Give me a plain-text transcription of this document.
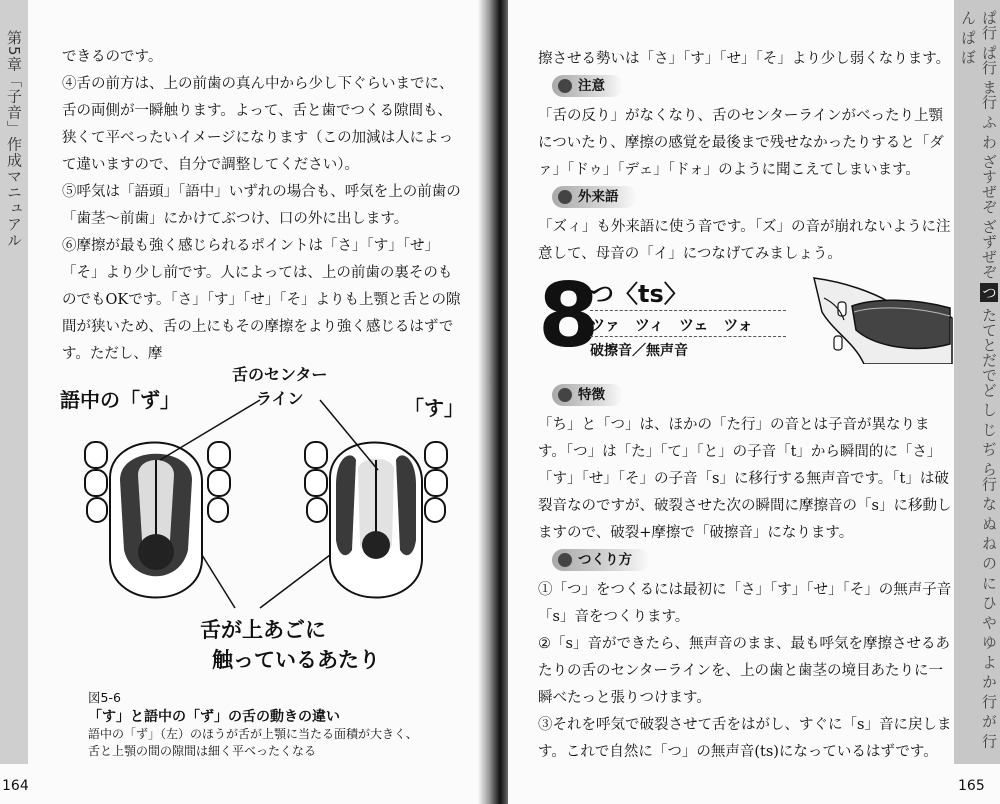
第5章「子音」作成マニュアル	できるのです。
④舌の前方は、上の前歯の真ん中から少し下ぐらいまでに、舌の両側が一瞬触ります。よって、舌と歯でつくる隙間も、狭くて平べったいイメージになります（この加減は人によって違いますので、自分で調整してください）。
⑤呼気は「語頭」「語中」いずれの場合も、呼気を上の前歯の「歯茎～前歯」にかけてぶつけ、口の外に出します。
⑥摩擦が最も強く感じられるポイントは「さ」「す」「せ」「そ」より少し前です。人によっては、上の前歯の裏そのものでもOKです。「さ」「す」「せ」「そ」よりも上顎と舌との隙間が狭いため、舌の上にもその摩擦をより強く感じるはずです。ただし、摩
語中の「ず」
舌のセンター
ライン	「す」
舌が上あごに
触っているあたり
図5-6
「す」と語中の「ず」の舌の動きの違い
語中の「ず」（左）のほうが舌が上顎に当たる面積が大きく、
舌と上顎の間の隙間は細く平べったくなる
164
ぱ行 ぱ行 ま行 ふ わ ざすぜぞ ざずぜぞ つ たてとだでど し じ ぢ ら行 な ぬ ね の に ひ や ゆ よ か 行 が 行 ん ぱ ぼ
擦させる勢いは「さ」「す」「せ」「そ」より少し弱くなります。
注意
「舌の反り」がなくなり、舌のセンターラインがべったり上顎についたり、摩擦の感覚を最後まで残せなかったりすると「ダァ」「ドゥ」「デェ」「ドォ」のように聞こえてしまいます。
外来語
「ズィ」も外来語に使う音です。「ズ」の音が崩れないように注意して、母音の「イ」につなげてみましょう。
8
つ〈ts〉
ツァ　ツィ　ツェ　ツォ
破擦音／無声音
特徴
「ち」と「つ」は、ほかの「た行」の音とは子音が異なります。「つ」は「た」「て」「と」の子音「t」から瞬間的に「さ」「す」「せ」「そ」の子音「s」に移行する無声音です。「t」は破裂音なのですが、破裂させた次の瞬間に摩擦音の「s」に移動しますので、破裂+摩擦で「破擦音」になります。
つくり方
①「つ」をつくるには最初に「さ」「す」「せ」「そ」の無声子音「s」音をつくります。
②「s」音ができたら、無声音のまま、最も呼気を摩擦させるあたりの舌のセンターラインを、上の歯と歯茎の境目あたりに一瞬べたっと張りつけます。
③それを呼気で破裂させて舌をはがし、すぐに「s」音に戻します。これで自然に「つ」の無声音(ts)になっているはずです。
165
